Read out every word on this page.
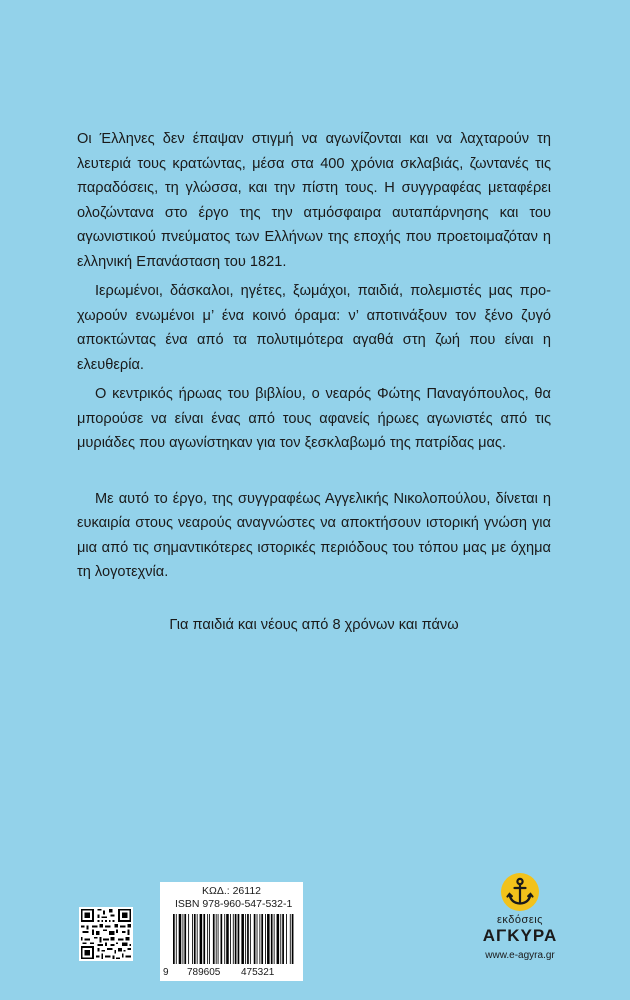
Οι Έλληνες δεν έπαψαν στιγμή να αγωνίζονται και να λαχταρούν τη λευτεριά τους κρατώντας, μέσα στα 400 χρόνια σκλαβιάς, ζωντανές τις παραδόσεις, τη γλώσσα, και την πίστη τους. Η συγγραφέας μεταφέρει ολοζώντανα στο έργο της την ατμόσφαιρα αυταπάρνησης και του αγωνιστικού πνεύματος των Ελλήνων της εποχής που προετοιμαζόταν η ελληνική Επανάσταση του 1821.

Ιερωμένοι, δάσκαλοι, ηγέτες, ξωμάχοι, παιδιά, πολεμιστές μας προχωρούν ενωμένοι μ’ ένα κοινό όραμα: ν’ αποτινάξουν τον ξένο ζυγό αποκτώντας ένα από τα πολυτιμότερα αγαθά στη ζωή που είναι η ελευθερία.

Ο κεντρικός ήρωας του βιβλίου, ο νεαρός Φώτης Παναγόπουλος, θα μπορούσε να είναι ένας από τους αφανείς ήρωες αγωνιστές από τις μυριάδες που αγωνίστηκαν για τον ξεσκλαβωμό της πατρίδας μας.

Με αυτό το έργο, της συγγραφέως Αγγελικής Νικολοπούλου, δίνεται η ευκαιρία στους νεαρούς αναγνώστες να αποκτήσουν ιστορική γνώση για μια από τις σημαντικότερες ιστορικές περιόδους του τόπου μας με όχημα τη λογοτεχνία.

Για παιδιά και νέους από 8 χρόνων και πάνω

ΚΩΔ.: 26112
ISBN 978-960-547-532-1
9 789605 475321
εκδόσεις
ΑΓΚΥΡΑ
www.e-agyra.gr
